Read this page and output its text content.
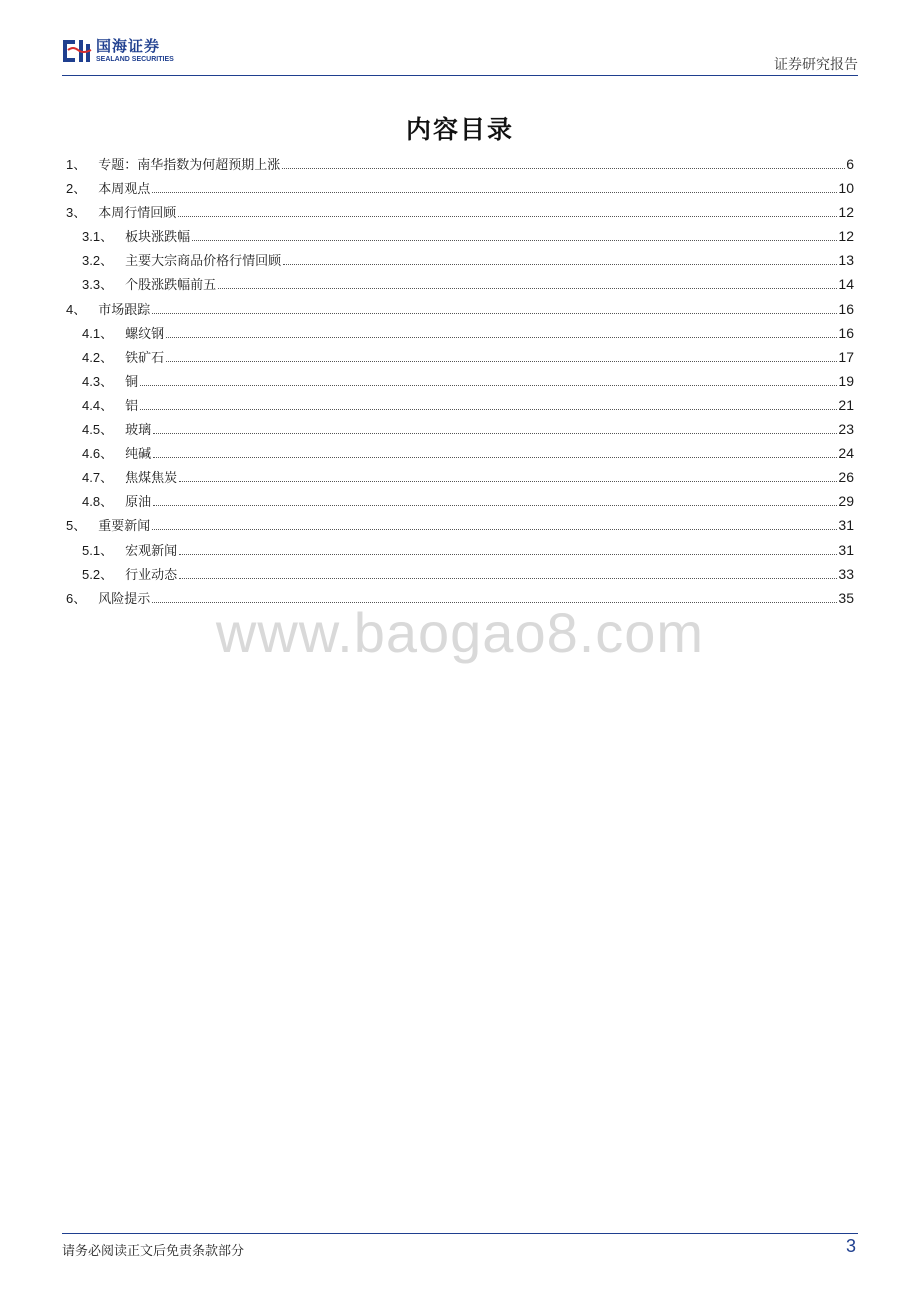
国海证券
SEALAND SECURITIES	证券研究报告
内容目录
1 、 专题：南华指数为何超预期上涨	6
2 、 本周观点	10
3 、 本周行情回顾	12
3.1 、 板块涨跌幅	12
3.2 、 主要大宗商品价格行情回顾	13
3.3 、 个股涨跌幅前五	14
4 、 市场跟踪	16
4.1 、 螺纹钢	16
4.2 、 铁矿石	17
4.3 、 铜	19
4.4 、 铝	21
4.5 、 玻璃	23
4.6 、 纯碱	24
4.7 、 焦煤焦炭	26
4.8 、 原油	29
5 、 重要新闻	31
5.1 、 宏观新闻	31
5.2 、 行业动态	33
6 、 风险提示	35
www.baogao8.com
请务必阅读正文后免责条款部分	3
